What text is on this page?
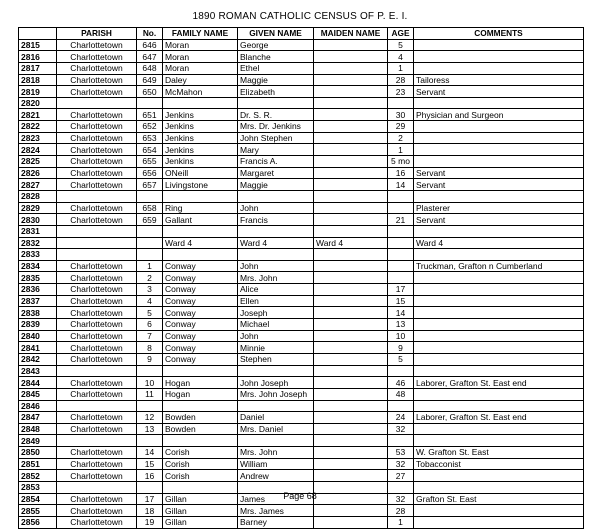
1890 ROMAN CATHOLIC CENSUS OF P. E. I.
	PARISH	No.	FAMILY NAME	GIVEN NAME	MAIDEN NAME	AGE	COMMENTS
2815	Charlottetown	646	Moran	George		5	
2816	Charlottetown	647	Moran	Blanche		4	
2817	Charlottetown	648	Moran	Ethel		1	
2818	Charlottetown	649	Daley	Maggie		28	Tailoress
2819	Charlottetown	650	McMahon	Elizabeth		23	Servant
2820							
2821	Charlottetown	651	Jenkins	Dr. S. R.		30	Physician and Surgeon
2822	Charlottetown	652	Jenkins	Mrs. Dr. Jenkins		29	
2823	Charlottetown	653	Jenkins	John Stephen		2	
2824	Charlottetown	654	Jenkins	Mary		1	
2825	Charlottetown	655	Jenkins	Francis A.		5 mo	
2826	Charlottetown	656	ONeill	Margaret		16	Servant
2827	Charlottetown	657	Livingstone	Maggie		14	Servant
2828							
2829	Charlottetown	658	Ring	John			Plasterer
2830	Charlottetown	659	Gallant	Francis		21	Servant
2831							
2832			Ward 4	Ward 4	Ward 4		Ward 4
2833							
2834	Charlottetown	1	Conway	John			Truckman, Grafton n Cumberland
2835	Charlottetown	2	Conway	Mrs. John			
2836	Charlottetown	3	Conway	Alice		17	
2837	Charlottetown	4	Conway	Ellen		15	
2838	Charlottetown	5	Conway	Joseph		14	
2839	Charlottetown	6	Conway	Michael		13	
2840	Charlottetown	7	Conway	John		10	
2841	Charlottetown	8	Conway	Minnie		9	
2842	Charlottetown	9	Conway	Stephen		5	
2843							
2844	Charlottetown	10	Hogan	John Joseph		46	Laborer, Grafton St. East end
2845	Charlottetown	11	Hogan	Mrs. John Joseph		48	
2846							
2847	Charlottetown	12	Bowden	Daniel		24	Laborer, Grafton St. East end
2848	Charlottetown	13	Bowden	Mrs. Daniel		32	
2849							
2850	Charlottetown	14	Corish	Mrs. John		53	W. Grafton St. East
2851	Charlottetown	15	Corish	William		32	Tobacconist
2852	Charlottetown	16	Corish	Andrew		27	
2853							
2854	Charlottetown	17	Gillan	James		32	Grafton St. East
2855	Charlottetown	18	Gillan	Mrs. James		28	
2856	Charlottetown	19	Gillan	Barney		1	
Page 68
